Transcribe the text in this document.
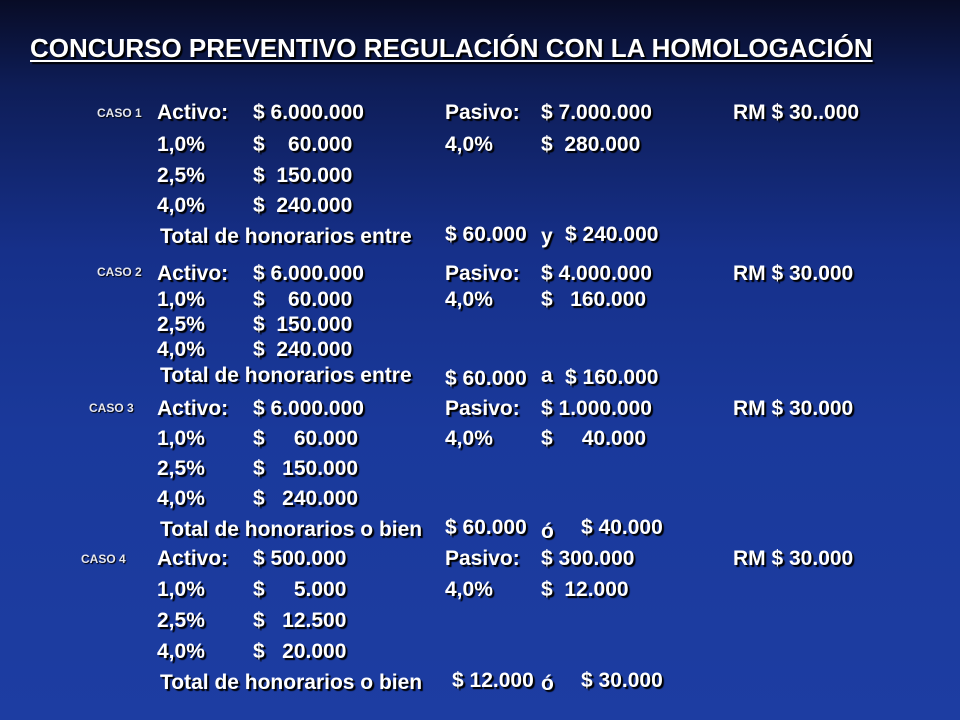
CONCURSO PREVENTIVO REGULACIÓN CON LA HOMOLOGACIÓN
CASO 1 Activo: $ 6.000.000	Pasivo: $ 7.000.000	RM $ 30..000
1,0% $    60.000	4,0% $  280.000
2,5% $  150.000
4,0% $  240.000
Total de honorarios entre $ 60.000 y $ 240.000
CASO 2 Activo: $ 6.000.000	Pasivo: $ 4.000.000	RM $ 30.000
1,0% $    60.000	4,0% $   160.000
2,5% $  150.000
4,0% $  240.000
Total de honorarios entre $ 60.000 a $ 160.000
CASO 3 Activo: $ 6.000.000	Pasivo: $ 1.000.000	RM $ 30.000
1,0% $     60.000	4,0% $     40.000
2,5% $   150.000
4,0% $   240.000
Total de honorarios o bien $ 60.000 ó $ 40.000
CASO 4 Activo: $ 500.000	Pasivo: $ 300.000	RM $ 30.000
1,0% $     5.000	4,0% $  12.000
2,5% $   12.500
4,0% $   20.000
Total de honorarios o bien $ 12.000 ó $ 30.000
